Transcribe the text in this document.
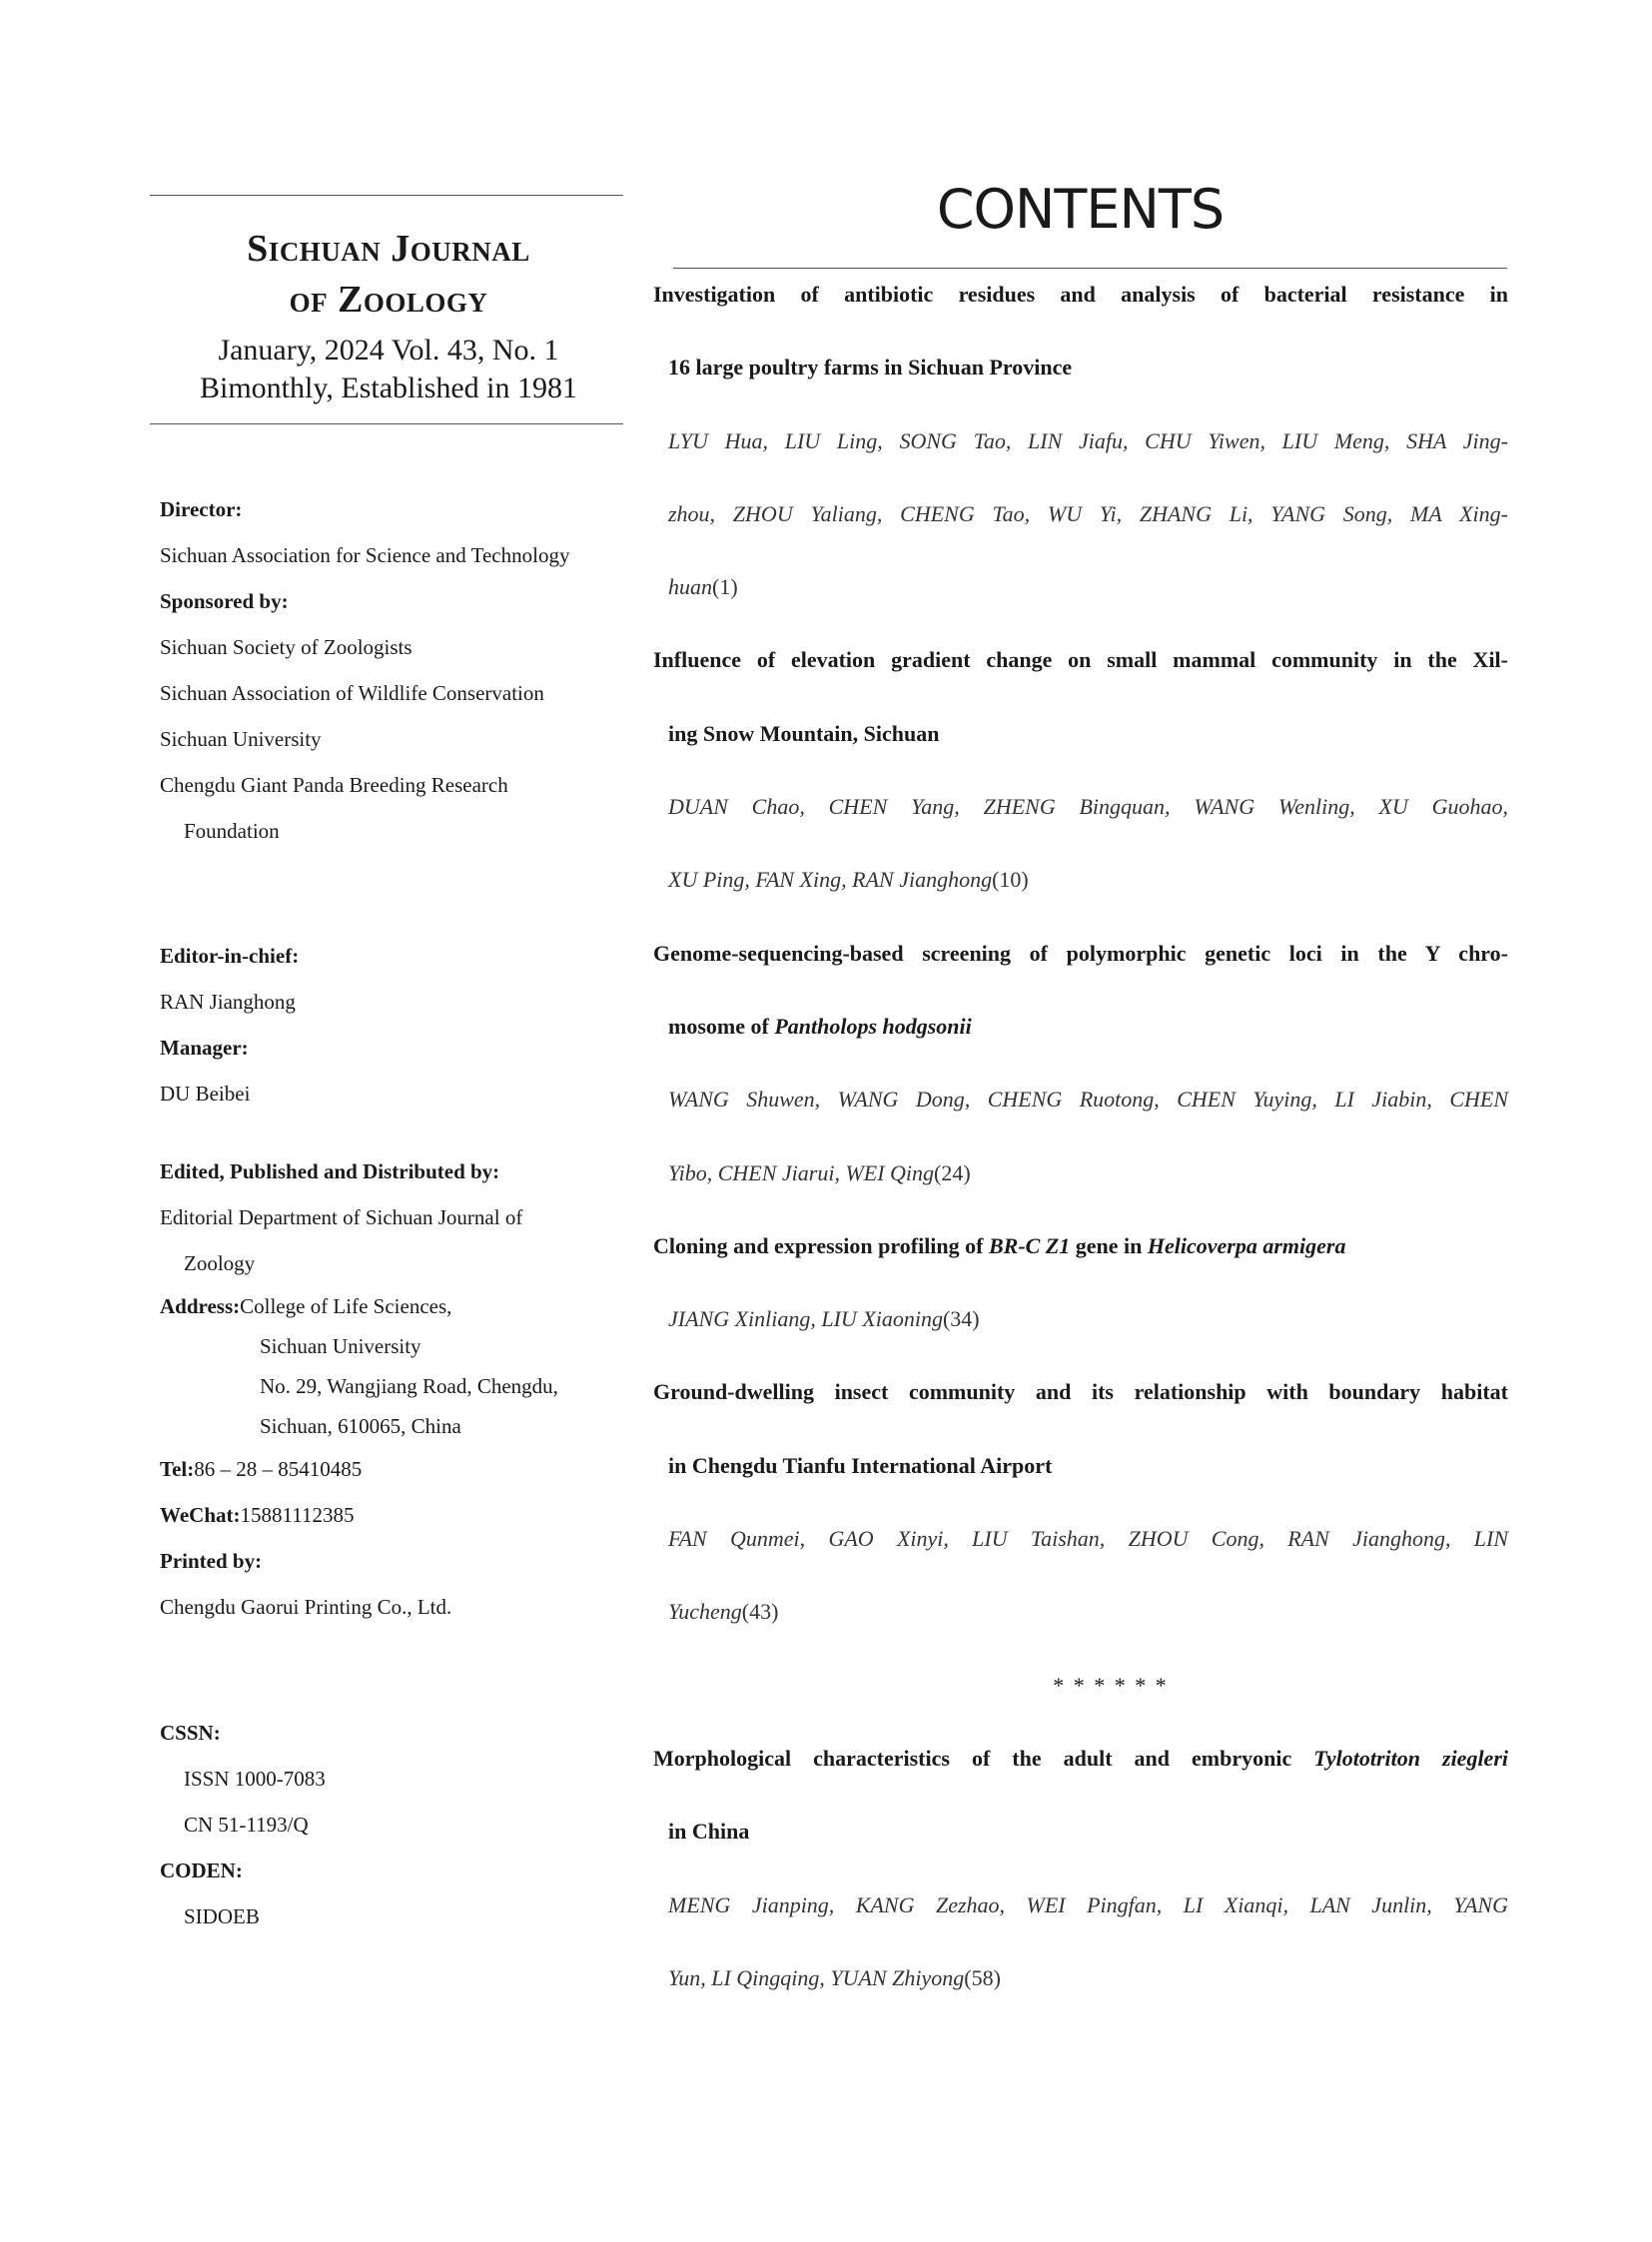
Sichuan Journal
of Zoology
January, 2024 Vol. 43, No. 1
Bimonthly, Established in 1981
Director:
Sichuan Association for Science and Technology
Sponsored by:
Sichuan Society of Zoologists
Sichuan Association of Wildlife Conservation
Sichuan University
Chengdu Giant Panda Breeding Research
Foundation
Editor-in-chief:
RAN Jianghong
Manager:
DU Beibei
Edited, Published and Distributed by:
Editorial Department of Sichuan Journal of
Zoology
Address:College of Life Sciences,
Sichuan University
No. 29, Wangjiang Road, Chengdu,
Sichuan, 610065, China
Tel:86 – 28 – 85410485
WeChat:15881112385
Printed by:
Chengdu Gaorui Printing Co., Ltd.
CSSN:
ISSN 1000-7083
CN 51-1193/Q
CODEN:
SIDOEB
CONTENTS
Investigation of antibiotic residues and analysis of bacterial resistance in
16 large poultry farms in Sichuan Province
LYU Hua, LIU Ling, SONG Tao, LIN Jiafu, CHU Yiwen, LIU Meng, SHA Jing-
zhou, ZHOU Yaliang, CHENG Tao, WU Yi, ZHANG Li, YANG Song, MA Xing-
huan(1)
Influence of elevation gradient change on small mammal community in the Xil-
ing Snow Mountain, Sichuan
DUAN Chao, CHEN Yang, ZHENG Bingquan, WANG Wenling, XU Guohao,
XU Ping, FAN Xing, RAN Jianghong(10)
Genome-sequencing-based screening of polymorphic genetic loci in the Y chro-
mosome of Pantholops hodgsonii
WANG Shuwen, WANG Dong, CHENG Ruotong, CHEN Yuying, LI Jiabin, CHEN
Yibo, CHEN Jiarui, WEI Qing(24)
Cloning and expression profiling of BR-C Z1 gene in Helicoverpa armigera
JIANG Xinliang, LIU Xiaoning(34)
Ground-dwelling insect community and its relationship with boundary habitat
in Chengdu Tianfu International Airport
FAN Qunmei, GAO Xinyi, LIU Taishan, ZHOU Cong, RAN Jianghong, LIN
Yucheng(43)
* * * * * *
Morphological characteristics of the adult and embryonic Tylototriton ziegleri
in China
MENG Jianping, KANG Zezhao, WEI Pingfan, LI Xianqi, LAN Junlin, YANG
Yun, LI Qingqing, YUAN Zhiyong(58)
